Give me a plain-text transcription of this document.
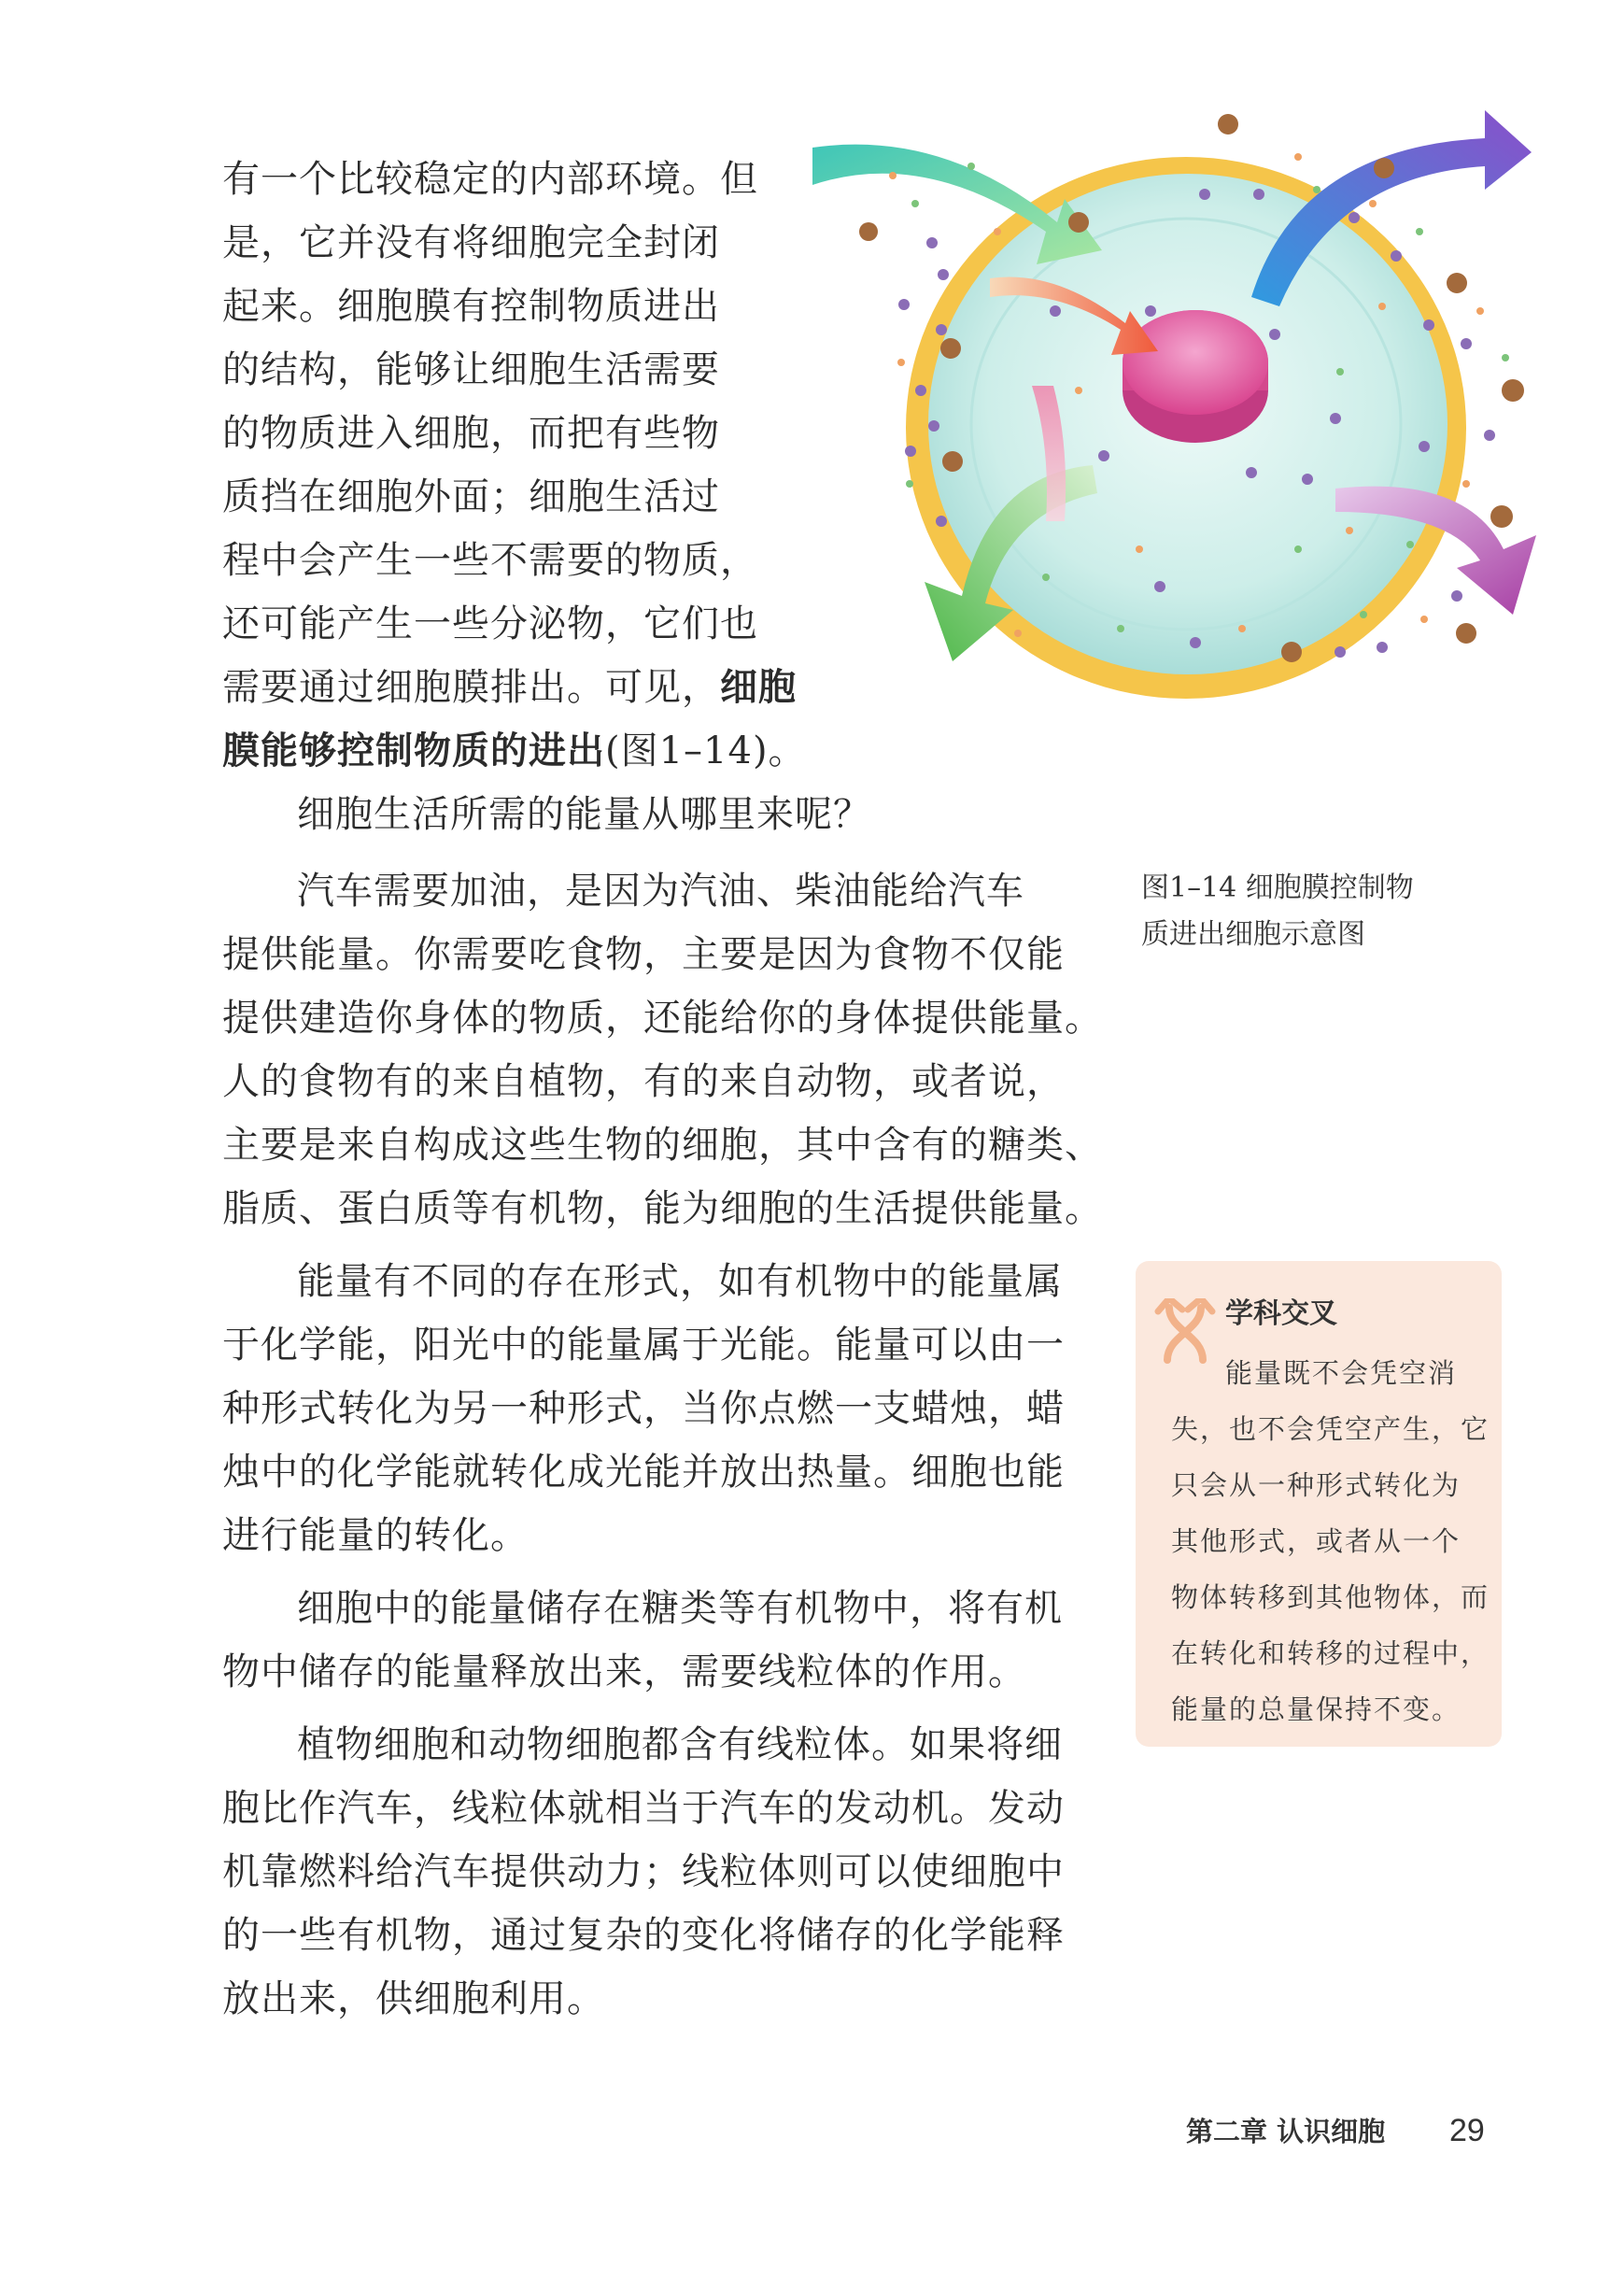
有一个比较稳定的内部环境。但
是，它并没有将细胞完全封闭
起来。细胞膜有控制物质进出
的结构，能够让细胞生活需要
的物质进入细胞，而把有些物
质挡在细胞外面；细胞生活过
程中会产生一些不需要的物质，
还可能产生一些分泌物，它们也
需要通过细胞膜排出。可见，细胞
膜能够控制物质的进出(图1–14)。
细胞生活所需的能量从哪里来呢？
汽车需要加油，是因为汽油、柴油能给汽车
提供能量。你需要吃食物，主要是因为食物不仅能
提供建造你身体的物质，还能给你的身体提供能量。
人的食物有的来自植物，有的来自动物，或者说，
主要是来自构成这些生物的细胞，其中含有的糖类、
脂质、蛋白质等有机物，能为细胞的生活提供能量。
能量有不同的存在形式，如有机物中的能量属
于化学能，阳光中的能量属于光能。能量可以由一
种形式转化为另一种形式，当你点燃一支蜡烛，蜡
烛中的化学能就转化成光能并放出热量。细胞也能
进行能量的转化。
细胞中的能量储存在糖类等有机物中，将有机
物中储存的能量释放出来，需要线粒体的作用。
植物细胞和动物细胞都含有线粒体。如果将细
胞比作汽车，线粒体就相当于汽车的发动机。发动
机靠燃料给汽车提供动力；线粒体则可以使细胞中
的一些有机物，通过复杂的变化将储存的化学能释
放出来，供细胞利用。
图1–14 细胞膜控制物
质进出细胞示意图
学科交叉
能量既不会凭空消
失，也不会凭空产生，它
只会从一种形式转化为
其他形式，或者从一个
物体转移到其他物体，而
在转化和转移的过程中，
能量的总量保持不变。
第二章 认识细胞 29
